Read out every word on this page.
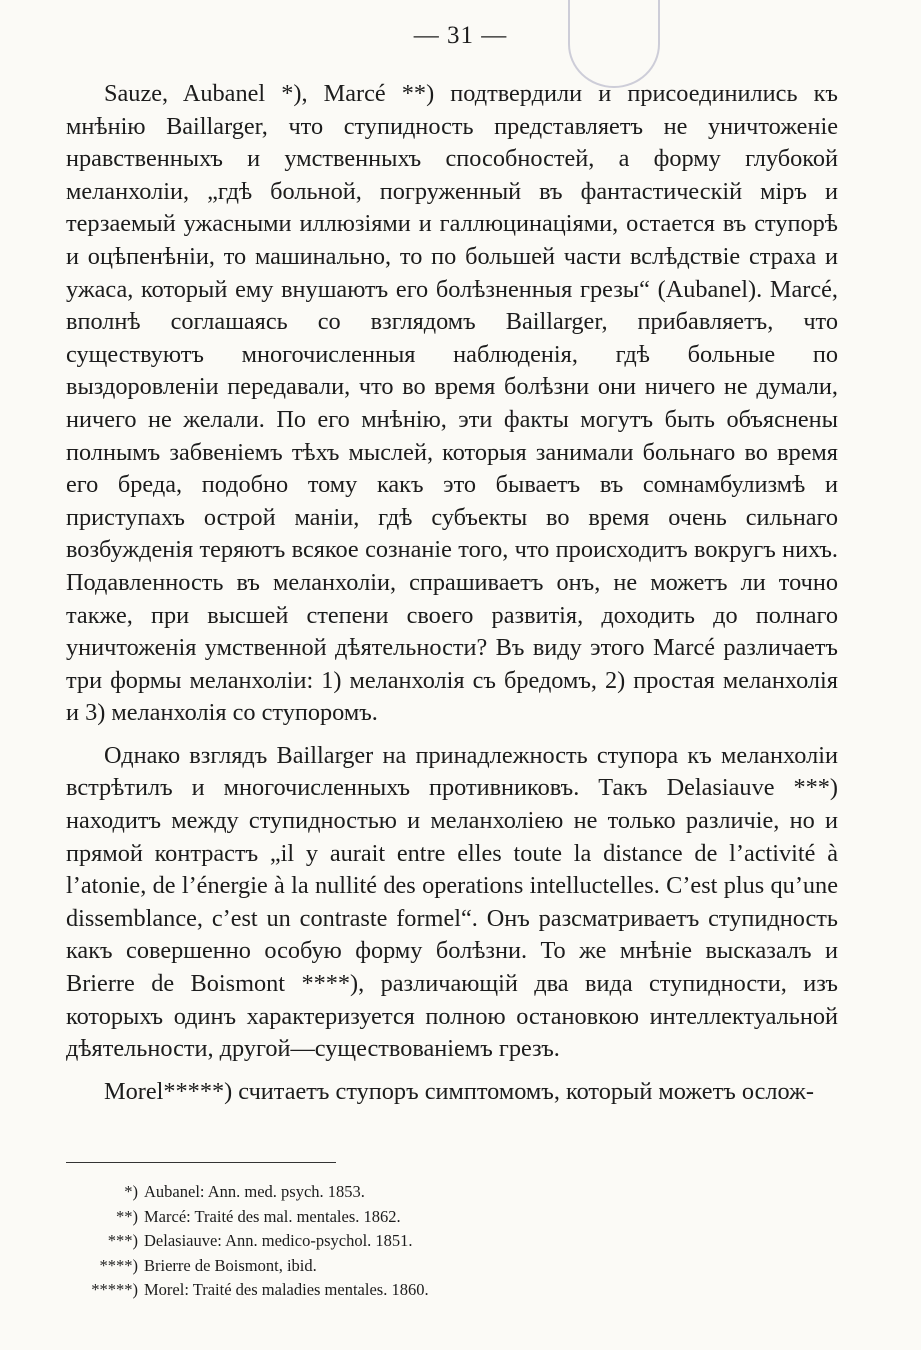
— 31 —

Sauze, Aubanel *), Marcé **) подтвердили и присоединились къ мнѣнію Baillarger, что ступидность представляетъ не уничтоженіе нравственныхъ и умственныхъ способностей, а форму глубокой меланхоліи, „гдѣ больной, погруженный въ фантастическій міръ и терзаемый ужасными иллюзіями и галлюцинаціями, остается въ ступорѣ и оцѣпенѣніи, то машинально, то по большей части вслѣдствіе страха и ужаса, который ему внушаютъ его болѣзненныя грезы“ (Aubanel). Marcé, вполнѣ соглашаясь со взглядомъ Baillarger, прибавляетъ, что существуютъ многочисленныя наблюденія, гдѣ больные по выздоровленіи передавали, что во время болѣзни они ничего не думали, ничего не желали. По его мнѣнію, эти факты могутъ быть объяснены полнымъ забвеніемъ тѣхъ мыслей, которыя занимали больнаго во время его бреда, подобно тому какъ это бываетъ въ сомнамбулизмѣ и приступахъ острой маніи, гдѣ субъекты во время очень сильнаго возбужденія теряютъ всякое сознаніе того, что происходитъ вокругъ нихъ. Подавленность въ меланхоліи, спрашиваетъ онъ, не можетъ ли точно также, при высшей степени своего развитія, доходить до полнаго уничтоженія умственной дѣятельности? Въ виду этого Marcé различаетъ три формы меланхоліи: 1) меланхолія съ бредомъ, 2) простая меланхолія и 3) меланхолія со ступоромъ.

Однако взглядъ Baillarger на принадлежность ступора къ меланхоліи встрѣтилъ и многочисленныхъ противниковъ. Такъ Delasiauve ***) находитъ между ступидностью и меланхоліею не только различіе, но и прямой контрастъ „il y aurait entre elles toute la distance de l’activité à l’atonie, de l’énergie à la nullité des operations intelluctelles. C’est plus qu’une dissemblance, c’est un contraste formel“. Онъ разсматриваетъ ступидность какъ совершенно особую форму болѣзни. То же мнѣніе высказалъ и Brierre de Boismont ****), различающій два вида ступидности, изъ которыхъ одинъ характеризуется полною остановкою интеллектуальной дѣятельности, другой—существованіемъ грезъ.

Morel*****) считаетъ ступоръ симптомомъ, который можетъ ослож-

*) Aubanel: Ann. med. psych. 1853.
**) Marcé: Traité des mal. mentales. 1862.
***) Delasiauve: Ann. medico-psychol. 1851.
****) Brierre de Boismont, ibid.
*****) Morel: Traité des maladies mentales. 1860.
